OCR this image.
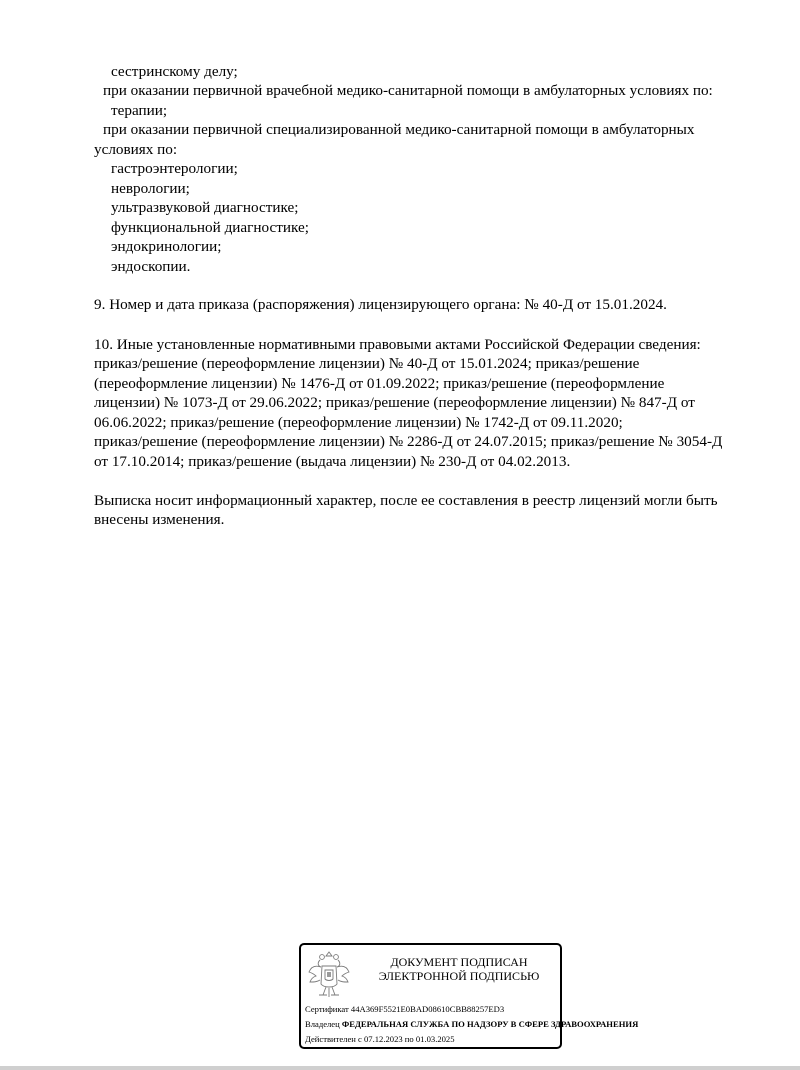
сестринскому делу;
при оказании первичной врачебной медико-санитарной помощи в амбулаторных условиях по:
терапии;
при оказании первичной специализированной медико-санитарной помощи в амбулаторных
условиях по:
гастроэнтерологии;
неврологии;
ультразвуковой диагностике;
функциональной диагностике;
эндокринологии;
эндоскопии.
9. Номер и дата приказа (распоряжения) лицензирующего органа: № 40-Д от 15.01.2024.
10. Иные установленные нормативными правовыми актами Российской Федерации сведения:
приказ/решение (переоформление лицензии) № 40-Д от 15.01.2024; приказ/решение
(переоформление лицензии) № 1476-Д от 01.09.2022; приказ/решение (переоформление
лицензии) № 1073-Д от 29.06.2022; приказ/решение (переоформление лицензии) № 847-Д от
06.06.2022; приказ/решение (переоформление лицензии) № 1742-Д от 09.11.2020;
приказ/решение (переоформление лицензии) № 2286-Д от 24.07.2015; приказ/решение № 3054-Д
от 17.10.2014; приказ/решение (выдача лицензии) № 230-Д от 04.02.2013.
Выписка носит информационный характер, после ее составления в реестр лицензий могли быть
внесены изменения.
ДОКУМЕНТ ПОДПИСАН
ЭЛЕКТРОННОЙ ПОДПИСЬЮ
Сертификат 44A369F5521E0BAD08610CBB88257ED3
Владелец ФЕДЕРАЛЬНАЯ СЛУЖБА ПО НАДЗОРУ В СФЕРЕ ЗДРАВООХРАНЕНИЯ
Действителен с 07.12.2023 по 01.03.2025
